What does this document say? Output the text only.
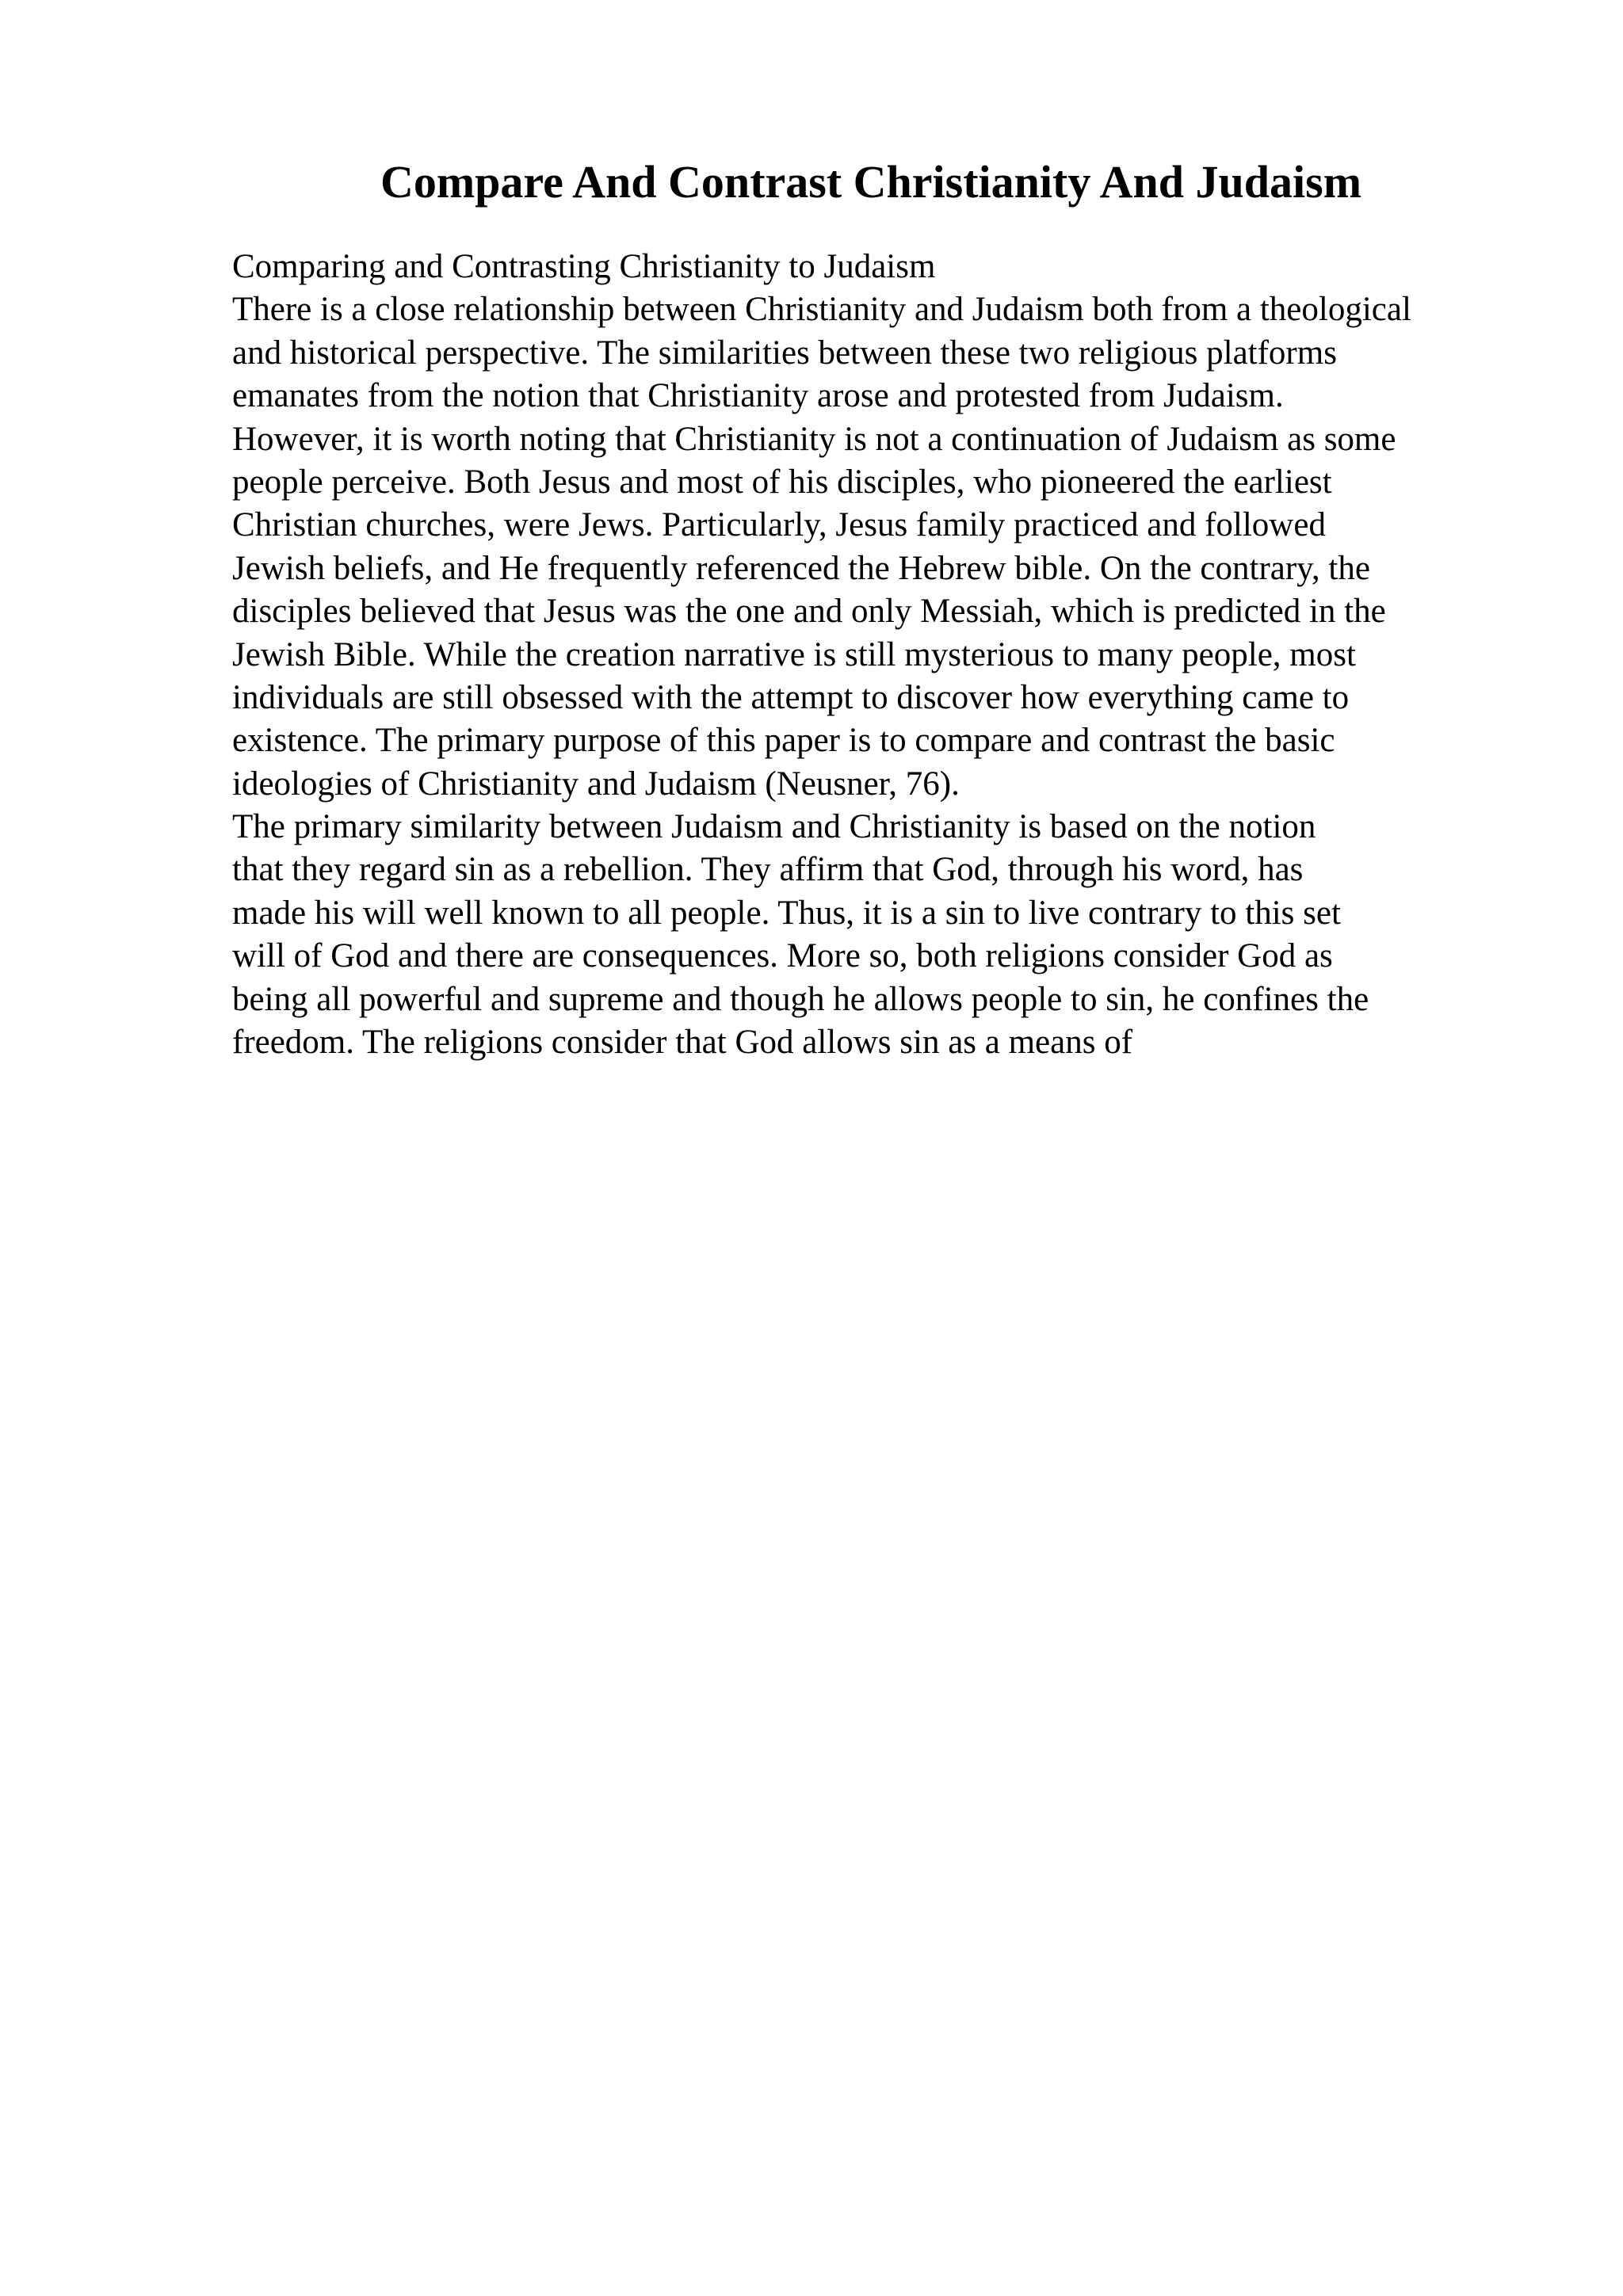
Compare And Contrast Christianity And Judaism
Comparing and Contrasting Christianity to Judaism
There is a close relationship between Christianity and Judaism both from a theological
and historical perspective. The similarities between these two religious platforms
emanates from the notion that Christianity arose and protested from Judaism.
However, it is worth noting that Christianity is not a continuation of Judaism as some
people perceive. Both Jesus and most of his disciples, who pioneered the earliest
Christian churches, were Jews. Particularly, Jesus family practiced and followed
Jewish beliefs, and He frequently referenced the Hebrew bible. On the contrary, the
disciples believed that Jesus was the one and only Messiah, which is predicted in the
Jewish Bible. While the creation narrative is still mysterious to many people, most
individuals are still obsessed with the attempt to discover how everything came to
existence. The primary purpose of this paper is to compare and contrast the basic
ideologies of Christianity and Judaism (Neusner, 76).
The primary similarity between Judaism and Christianity is based on the notion
that they regard sin as a rebellion. They affirm that God, through his word, has
made his will well known to all people. Thus, it is a sin to live contrary to this set
will of God and there are consequences. More so, both religions consider God as
being all powerful and supreme and though he allows people to sin, he confines the
freedom. The religions consider that God allows sin as a means of
